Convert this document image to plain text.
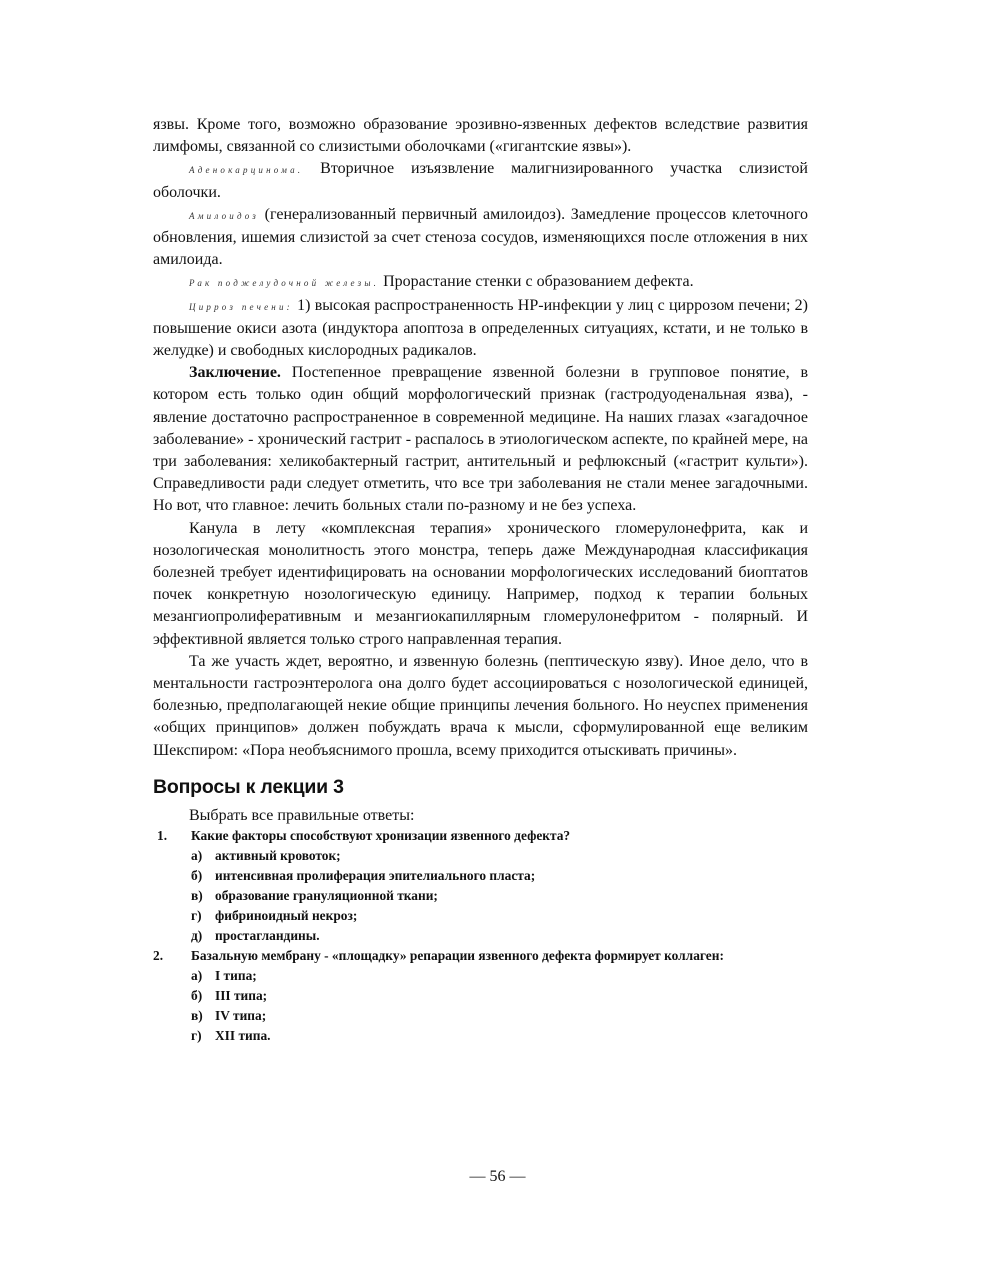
язвы. Кроме того, возможно образование эрозивно-язвенных дефектов вследствие развития лимфомы, связанной со слизистыми оболочками («гигантские язвы»).

Аденокарцинома. Вторичное изъязвление малигнизированного участка слизистой оболочки.

Амилоидоз (генерализованный первичный амилоидоз). Замедление процессов клеточного обновления, ишемия слизистой за счет стеноза сосудов, изменяющихся после отложения в них амилоида.

Рак поджелудочной железы. Прорастание стенки с образованием дефекта.

Цирроз печени: 1) высокая распространенность HP-инфекции у лиц с циррозом печени; 2) повышение окиси азота (индуктора апоптоза в определенных ситуациях, кстати, и не только в желудке) и свободных кислородных радикалов.

Заключение. Постепенное превращение язвенной болезни в групповое понятие, в котором есть только один общий морфологический признак (гастродуоденальная язва), - явление достаточно распространенное в современной медицине. На наших глазах «загадочное заболевание» - хронический гастрит - распалось в этиологическом аспекте, по крайней мере, на три заболевания: хеликобактерный гастрит, антительный и рефлюксный («гастрит культи»). Справедливости ради следует отметить, что все три заболевания не стали менее загадочными. Но вот, что главное: лечить больных стали по-разному и не без успеха.

Канула в лету «комплексная терапия» хронического гломерулонефрита, как и нозологическая монолитность этого монстра, теперь даже Международная классификация болезней требует идентифицировать на основании морфологических исследований биоптатов почек конкретную нозологическую единицу. Например, подход к терапии больных мезангиопролиферативным и мезангиокапиллярным гломерулонефритом - полярный. И эффективной является только строго направленная терапия.

Та же участь ждет, вероятно, и язвенную болезнь (пептическую язву). Иное дело, что в ментальности гастроэнтеролога она долго будет ассоциироваться с нозологической единицей, болезнью, предполагающей некие общие принципы лечения больного. Но неуспех применения «общих принципов» должен побуждать врача к мысли, сформулированной еще великим Шекспиром: «Пора необъяснимого прошла, всему приходится отыскивать причины».

Вопросы к лекции 3

Выбрать все правильные ответы:

1.	Какие факторы способствуют хронизации язвенного дефекта?
а) активный кровоток;
б) интенсивная пролиферация эпителиального пласта;
в) образование грануляционной ткани;
г)	фибриноидный некроз;
д) простагландины.
2.	Базальную мембрану - «площадку» репарации язвенного дефекта формирует коллаген:
а) I типа;
б) III типа;
в) IV типа;
г)	XII типа.
— 56 —
